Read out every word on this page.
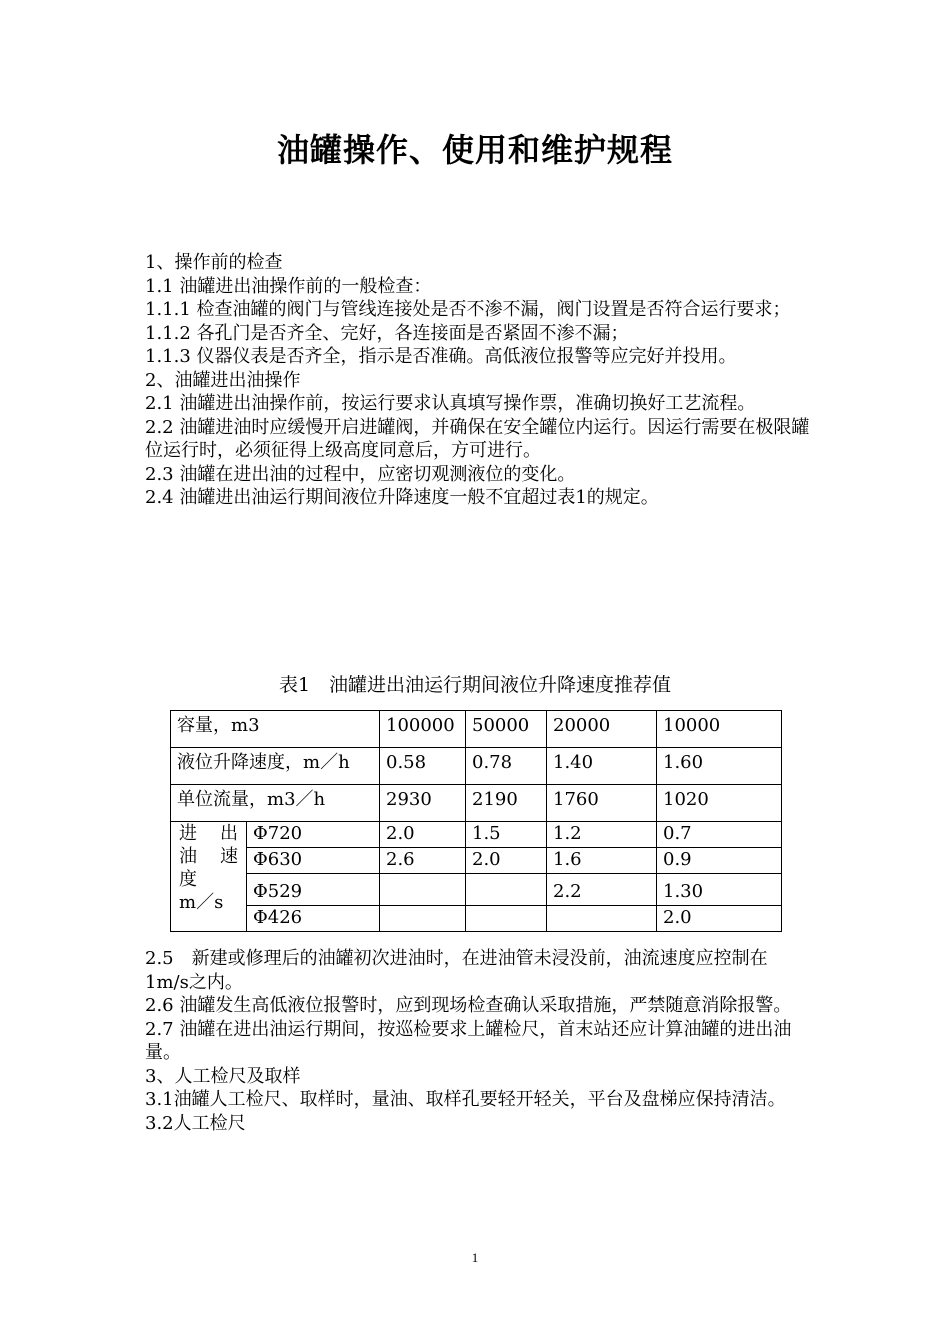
油罐操作、使用和维护规程

1、操作前的检查

1.1 油罐进出油操作前的一般检查：

1.1.1 检查油罐的阀门与管线连接处是否不渗不漏，阀门设置是否符合运行要求；

1.1.2 各孔门是否齐全、完好，各连接面是否紧固不渗不漏；

1.1.3 仪器仪表是否齐全，指示是否准确。高低液位报警等应完好并投用。

2、油罐进出油操作

2.1 油罐进出油操作前，按运行要求认真填写操作票，准确切换好工艺流程。

2.2 油罐进油时应缓慢开启进罐阀，并确保在安全罐位内运行。因运行需要在极限罐位运行时，必须征得上级高度同意后，方可进行。

2.3 油罐在进出油的过程中，应密切观测液位的变化。

2.4 油罐进出油运行期间液位升降速度一般不宜超过表1的规定。

表1　油罐进出油运行期间液位升降速度推荐值
容量，m3		100000	50000	20000	10000
液位升降速度，m／h		0.58	0.78	1.40	1.60
单位流量，m3／h		2930	2190	1760	1020
进　出 油　速
度
m／s	Φ720	2.0	1.5	1.2	0.7
	Φ630	2.6	2.0	1.6	0.9
	Φ529			2.2	1.30
	Φ426				2.0

2.5　新建或修理后的油罐初次进油时，在进油管未浸没前，油流速度应控制在1m/s之内。

2.6 油罐发生高低液位报警时，应到现场检查确认采取措施，严禁随意消除报警。

2.7 油罐在进出油运行期间，按巡检要求上罐检尺，首末站还应计算油罐的进出油量。

3、人工检尺及取样

3.1油罐人工检尺、取样时，量油、取样孔要轻开轻关，平台及盘梯应保持清洁。

3.2人工检尺

1
